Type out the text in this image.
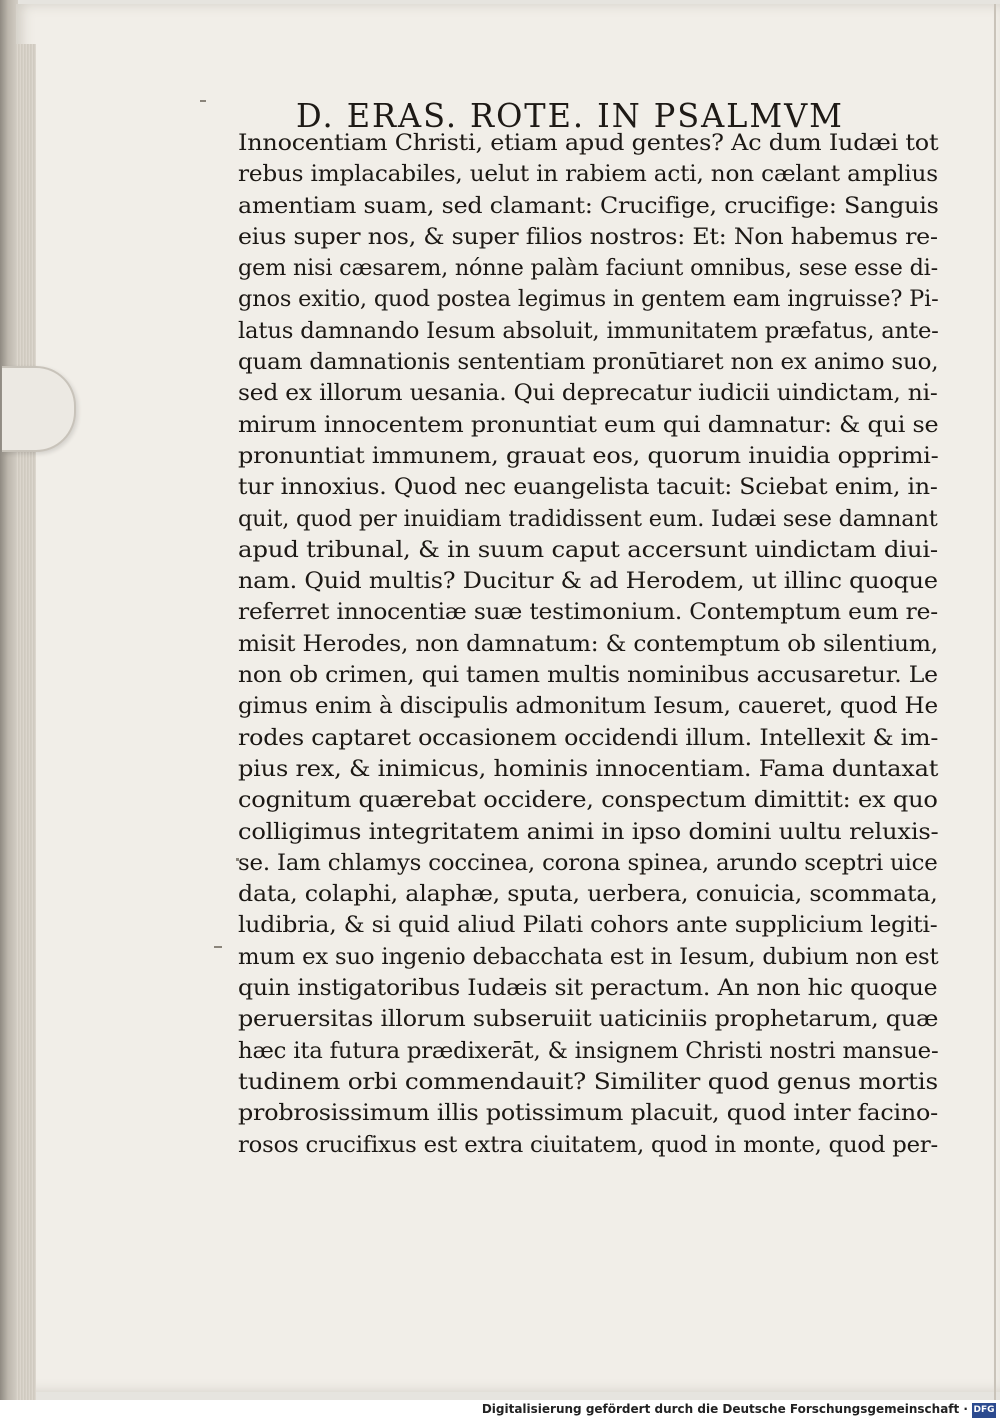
D. ERAS. ROTE. IN PSALMVM
Innocentiam Christi, etiam apud gentes? Ac dum Iudæi tot
rebus implacabiles, uelut in rabiem acti, non cælant amplius
amentiam suam, sed clamant: Crucifige, crucifige: Sanguis
eius super nos, & super filios nostros: Et: Non habemus re-
gem nisi cæsarem, nónne palàm faciunt omnibus, sese esse di-
gnos exitio, quod postea legimus in gentem eam ingruisse? Pi-
latus damnando Iesum absoluit, immunitatem præfatus, ante-
quam damnationis sententiam pronūtiaret non ex animo suo,
sed ex illorum uesania. Qui deprecatur iudicii uindictam, ni-
mirum innocentem pronuntiat eum qui damnatur: & qui se
pronuntiat immunem, grauat eos, quorum inuidia opprimi-
tur innoxius. Quod nec euangelista tacuit: Sciebat enim, in-
quit, quod per inuidiam tradidissent eum. Iudæi sese damnant
apud tribunal, & in suum caput accersunt uindictam diui-
nam. Quid multis? Ducitur & ad Herodem, ut illinc quoque
referret innocentiæ suæ testimonium. Contemptum eum re-
misit Herodes, non damnatum: & contemptum ob silentium,
non ob crimen, qui tamen multis nominibus accusaretur. Le
gimus enim à discipulis admonitum Iesum, caueret, quod He
rodes captaret occasionem occidendi illum. Intellexit & im-
pius rex, & inimicus, hominis innocentiam. Fama duntaxat
cognitum quærebat occidere, conspectum dimittit: ex quo
colligimus integritatem animi in ipso domini uultu reluxis-
se. Iam chlamys coccinea, corona spinea, arundo sceptri uice
data, colaphi, alaphæ, sputa, uerbera, conuicia, scommata,
ludibria, & si quid aliud Pilati cohors ante supplicium legiti-
mum ex suo ingenio debacchata est in Iesum, dubium non est
quin instigatoribus Iudæis sit peractum. An non hic quoque
peruersitas illorum subseruiit uaticiniis prophetarum, quæ
hæc ita futura prædixerāt, & insignem Christi nostri mansue-
tudinem orbi commendauit? Similiter quod genus mortis
probrosissimum illis potissimum placuit, quod inter facino-
rosos crucifixus est extra ciuitatem, quod in monte, quod per-
Digitalisierung gefördert durch die Deutsche Forschungsgemeinschaft · DFG
